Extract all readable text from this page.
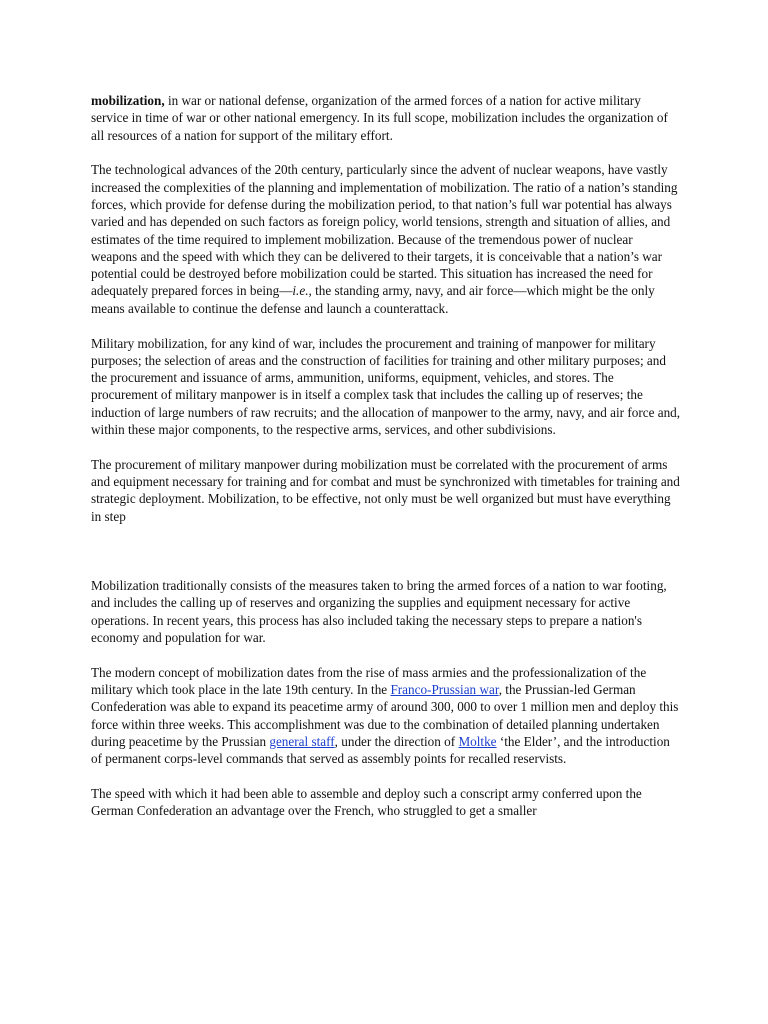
mobilization, in war or national defense, organization of the armed forces of a nation for active military service in time of war or other national emergency. In its full scope, mobilization includes the organization of all resources of a nation for support of the military effort.

The technological advances of the 20th century, particularly since the advent of nuclear weapons, have vastly increased the complexities of the planning and implementation of mobilization. The ratio of a nation’s standing forces, which provide for defense during the mobilization period, to that nation’s full war potential has always varied and has depended on such factors as foreign policy, world tensions, strength and situation of allies, and estimates of the time required to implement mobilization. Because of the tremendous power of nuclear weapons and the speed with which they can be delivered to their targets, it is conceivable that a nation’s war potential could be destroyed before mobilization could be started. This situation has increased the need for adequately prepared forces in being—i.e., the standing army, navy, and air force—which might be the only means available to continue the defense and launch a counterattack.

Military mobilization, for any kind of war, includes the procurement and training of manpower for military purposes; the selection of areas and the construction of facilities for training and other military purposes; and the procurement and issuance of arms, ammunition, uniforms, equipment, vehicles, and stores. The procurement of military manpower is in itself a complex task that includes the calling up of reserves; the induction of large numbers of raw recruits; and the allocation of manpower to the army, navy, and air force and, within these major components, to the respective arms, services, and other subdivisions.

The procurement of military manpower during mobilization must be correlated with the procurement of arms and equipment necessary for training and for combat and must be synchronized with timetables for training and strategic deployment. Mobilization, to be effective, not only must be well organized but must have everything in step

Mobilization traditionally consists of the measures taken to bring the armed forces of a nation to war footing, and includes the calling up of reserves and organizing the supplies and equipment necessary for active operations. In recent years, this process has also included taking the necessary steps to prepare a nation's economy and population for war.

The modern concept of mobilization dates from the rise of mass armies and the professionalization of the military which took place in the late 19th century. In the Franco-Prussian war, the Prussian-led German Confederation was able to expand its peacetime army of around 300, 000 to over 1 million men and deploy this force within three weeks. This accomplishment was due to the combination of detailed planning undertaken during peacetime by the Prussian general staff, under the direction of Moltke ‘the Elder’, and the introduction of permanent corps-level commands that served as assembly points for recalled reservists.

The speed with which it had been able to assemble and deploy such a conscript army conferred upon the German Confederation an advantage over the French, who struggled to get a smaller
